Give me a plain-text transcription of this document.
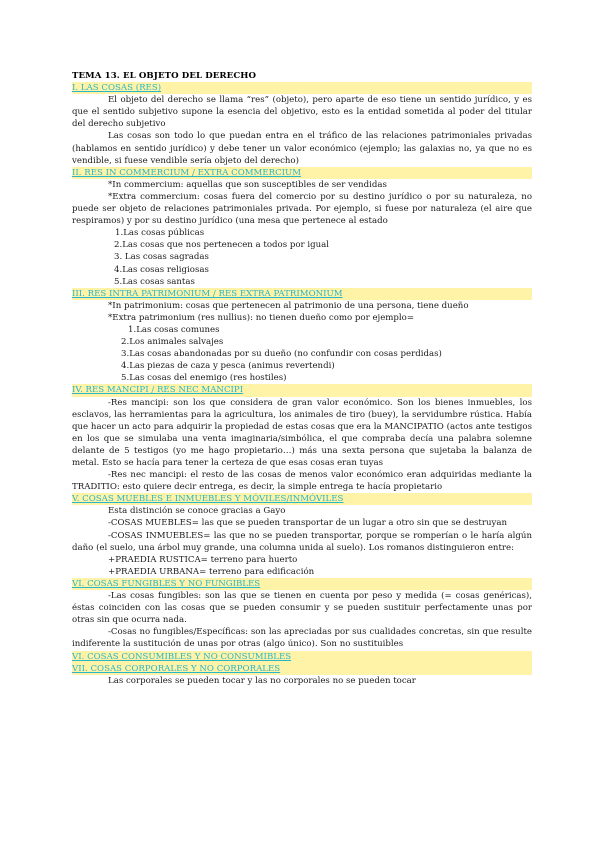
TEMA 13. EL OBJETO DEL DERECHO
I. LAS COSAS (RES)
El objeto del derecho se llama “res” (objeto), pero aparte de eso tiene un sentido jurídico, y es que el sentido subjetivo supone la esencia del objetivo, esto es la entidad sometida al poder del titular del derecho subjetivo
Las cosas son todo lo que puedan entra en el tráfico de las relaciones patrimoniales privadas (hablamos en sentido jurídico) y debe tener un valor económico (ejemplo; las galaxias no, ya que no es vendible, si fuese vendible sería objeto del derecho)
II. RES IN COMMERCIUM / EXTRA COMMERCIUM
*In commercium: aquellas que son susceptibles de ser vendidas
*Extra commercium: cosas fuera del comercio por su destino jurídico o por su naturaleza, no puede ser objeto de relaciones patrimoniales privada. Por ejemplo, si fuese por naturaleza (el aire que respiramos) y por su destino jurídico (una mesa que pertenece al estado
1.Las cosas públicas
2.Las cosas que nos pertenecen a todos por igual
3. Las cosas sagradas
4.Las cosas religiosas
5.Las cosas santas
III. RES INTRA PATRIMONIUM / RES EXTRA PATRIMONIUM
*In patrimonium: cosas que pertenecen al patrimonio de una persona, tiene dueño
*Extra patrimonium (res nullius): no tienen dueño como por ejemplo=
1.Las cosas comunes
2.Los animales salvajes
3.Las cosas abandonadas por su dueño (no confundir con cosas perdidas)
4.Las piezas de caza y pesca (animus revertendi)
5.Las cosas del enemigo (res hostiles)
IV. RES MANCIPI / RES NEC MANCIPI
-Res mancipi: son los que considera de gran valor económico. Son los bienes inmuebles, los esclavos, las herramientas para la agricultura, los animales de tiro (buey), la servidumbre rústica. Había que hacer un acto para adquirir la propiedad de estas cosas que era la MANCIPATIO (actos ante testigos en los que se simulaba una venta imaginaria/simbólica, el que compraba decía una palabra solemne delante de 5 testigos (yo me hago propietario…) más una sexta persona que sujetaba la balanza de metal. Esto se hacía para tener la certeza de que esas cosas eran tuyas
-Res nec mancipi: el resto de las cosas de menos valor económico eran adquiridas mediante la TRADITIO: esto quiere decir entrega, es decir, la simple entrega te hacía propietario
V. COSAS MUEBLES E INMUEBLES Y MÓVILES/INMÓVILES
Esta distinción se conoce gracias a Gayo
-COSAS MUEBLES= las que se pueden transportar de un lugar a otro sin que se destruyan
-COSAS INMUEBLES= las que no se pueden transportar, porque se romperían o le haría algún daño (el suelo, una árbol muy grande, una columna unida al suelo). Los romanos distinguieron entre:
+PRAEDIA RUSTICA= terreno para huerto
+PRAEDIA URBANA= terreno para edificación
VI. COSAS FUNGIBLES Y NO FUNGIBLES
-Las cosas fungibles: son las que se tienen en cuenta por peso y medida (= cosas genéricas), éstas coinciden con las cosas que se pueden consumir y se pueden sustituir perfectamente unas por otras sin que ocurra nada.
-Cosas no fungibles/Específicas: son las apreciadas por sus cualidades concretas, sin que resulte indiferente la sustitución de unas por otras (algo único). Son no sustituibles
VI. COSAS CONSUMIBLES Y NO CONSUMIBLES
VII. COSAS CORPORALES Y NO CORPORALES
Las corporales se pueden tocar y las no corporales no se pueden tocar
